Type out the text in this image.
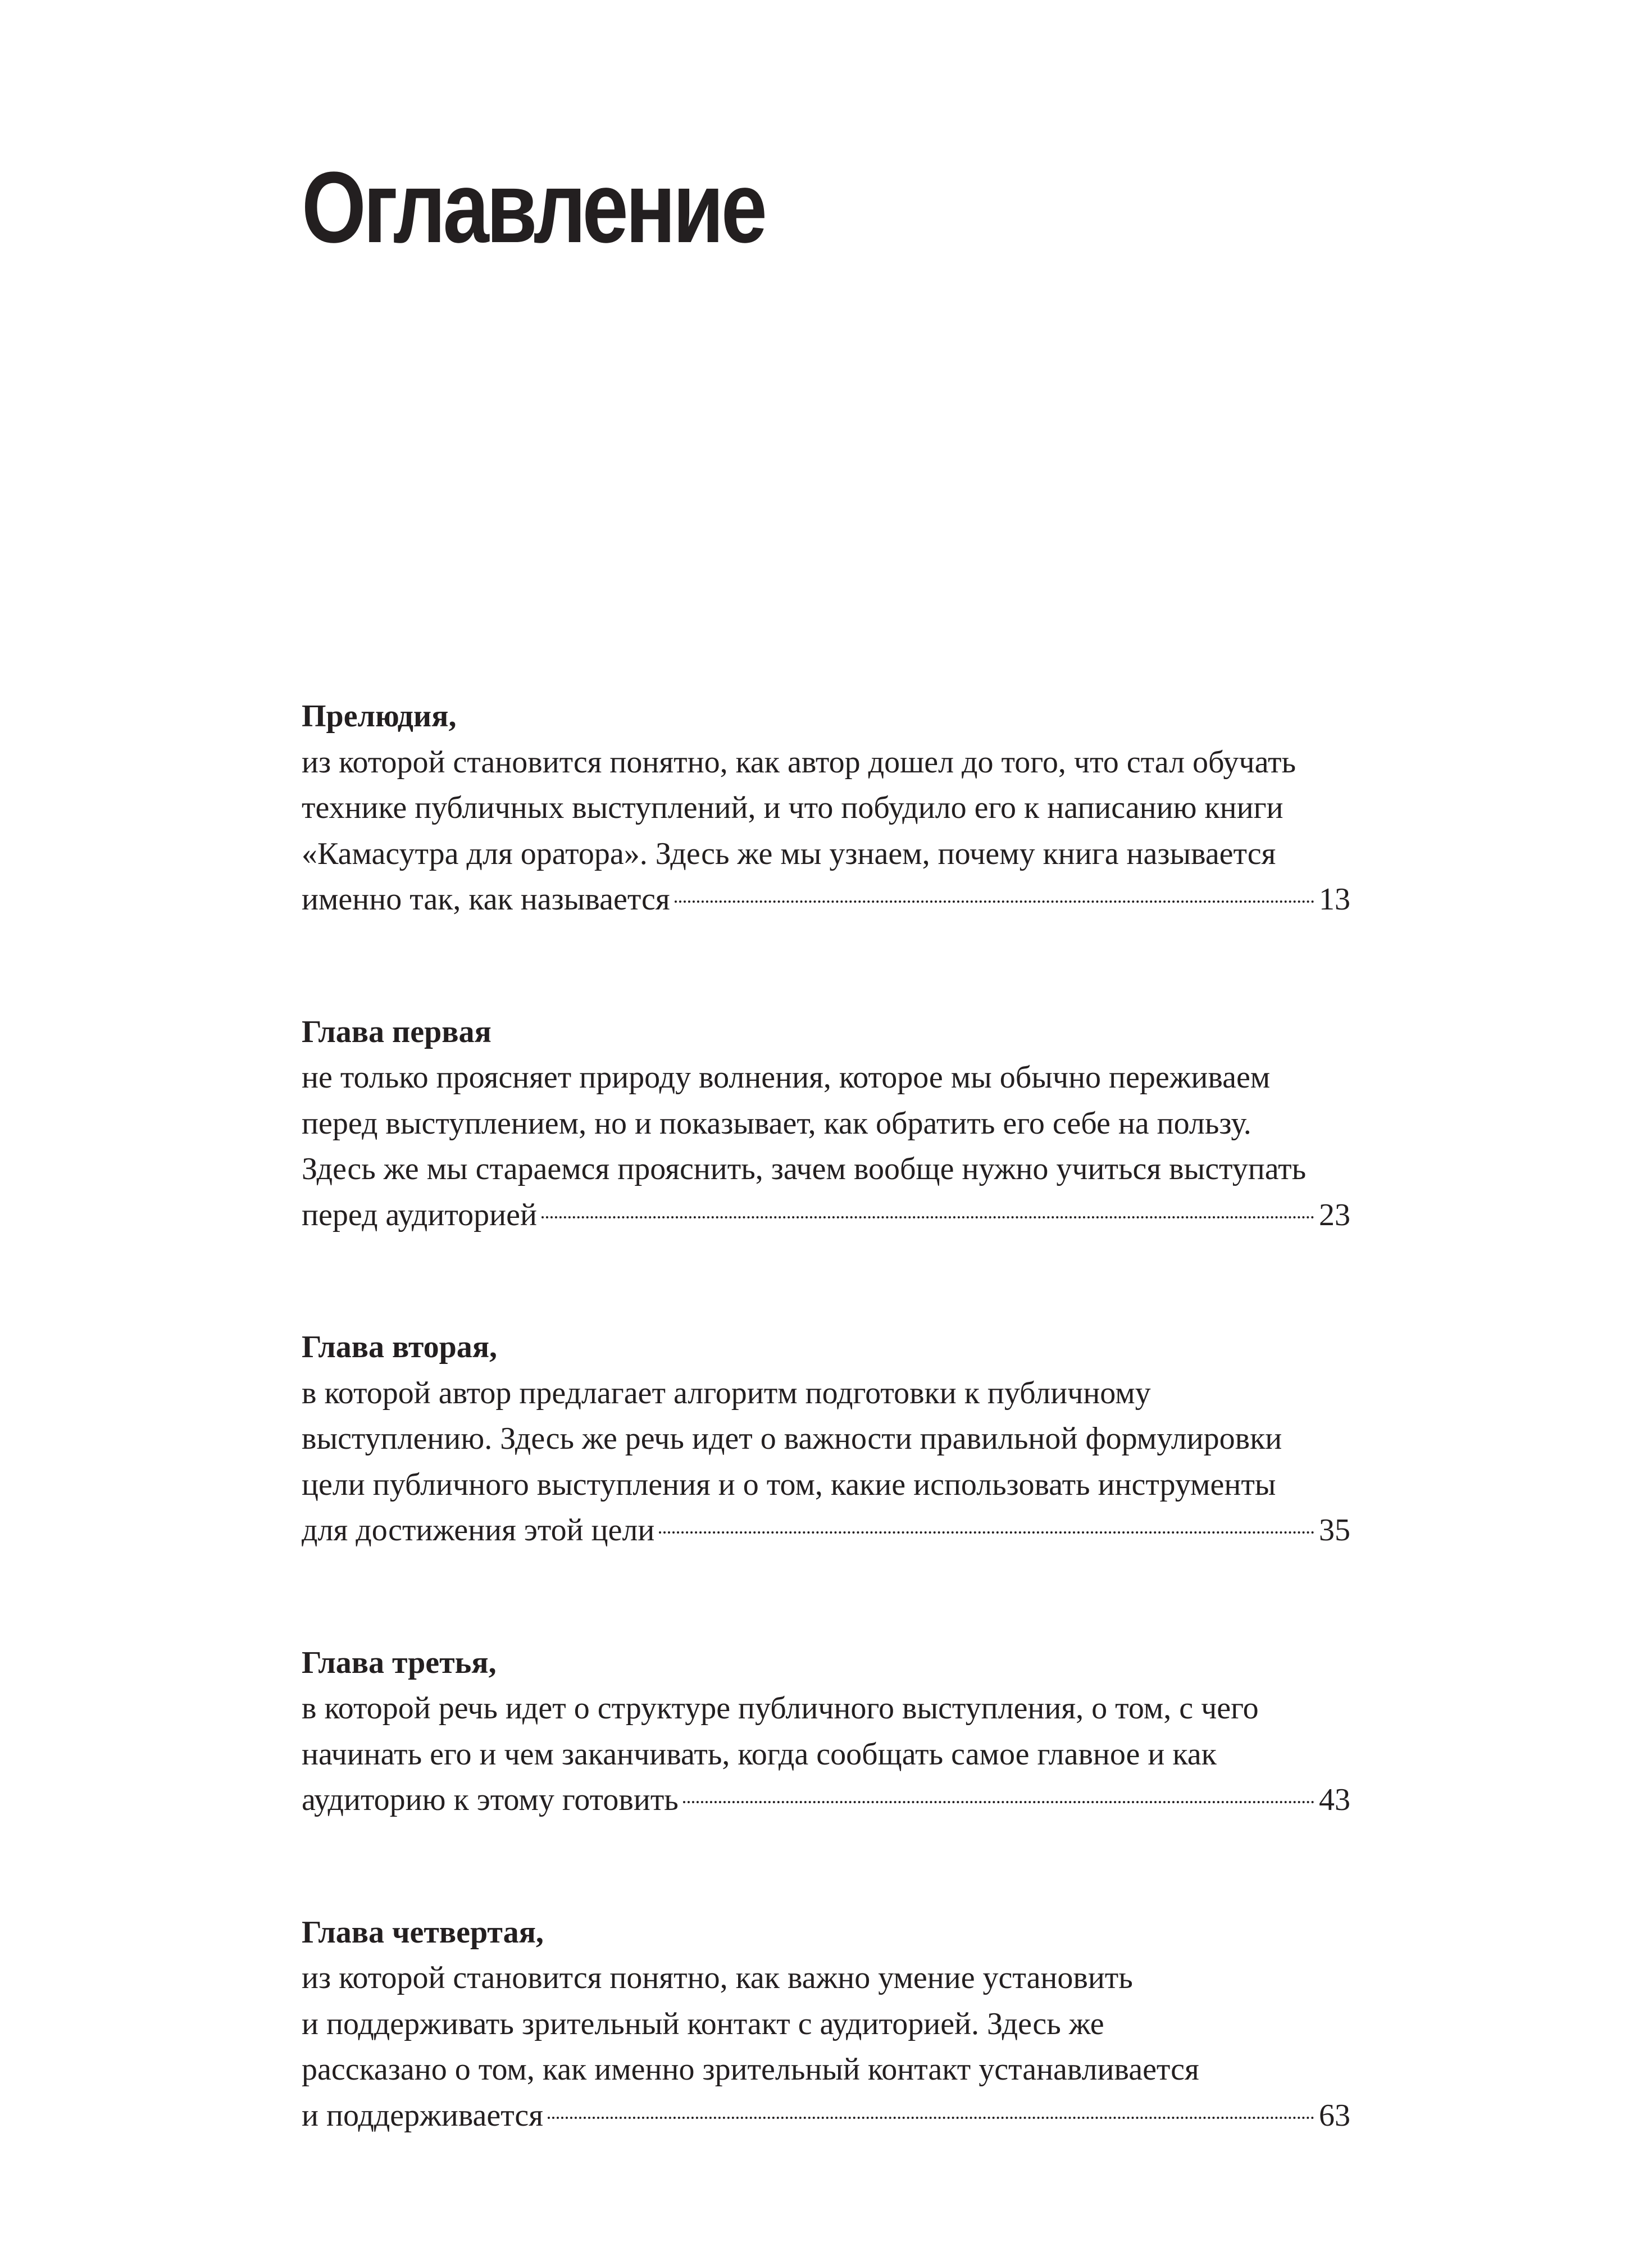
Оглавление
Прелюдия,
из которой становится понятно, как автор дошел до того, что стал обучать
технике публичных выступлений, и что побудило его к написанию книги
«Камасутра для оратора». Здесь же мы узнаем, почему книга называется
именно так, как называется	13
Глава первая
не только проясняет природу волнения, которое мы обычно переживаем
перед выступлением, но и показывает, как обратить его себе на пользу.
Здесь же мы стараемся прояснить, зачем вообще нужно учиться выступать
перед аудиторией	23
Глава вторая,
в которой автор предлагает алгоритм подготовки к публичному
выступлению. Здесь же речь идет о важности правильной формулировки
цели публичного выступления и о том, какие использовать инструменты
для достижения этой цели	35
Глава третья,
в которой речь идет о структуре публичного выступления, о том, с чего
начинать его и чем заканчивать, когда сообщать самое главное и как
аудиторию к этому готовить	43
Глава четвертая,
из которой становится понятно, как важно умение установить
и поддерживать зрительный контакт с аудиторией. Здесь же
рассказано о том, как именно зрительный контакт устанавливается
и поддерживается	63
